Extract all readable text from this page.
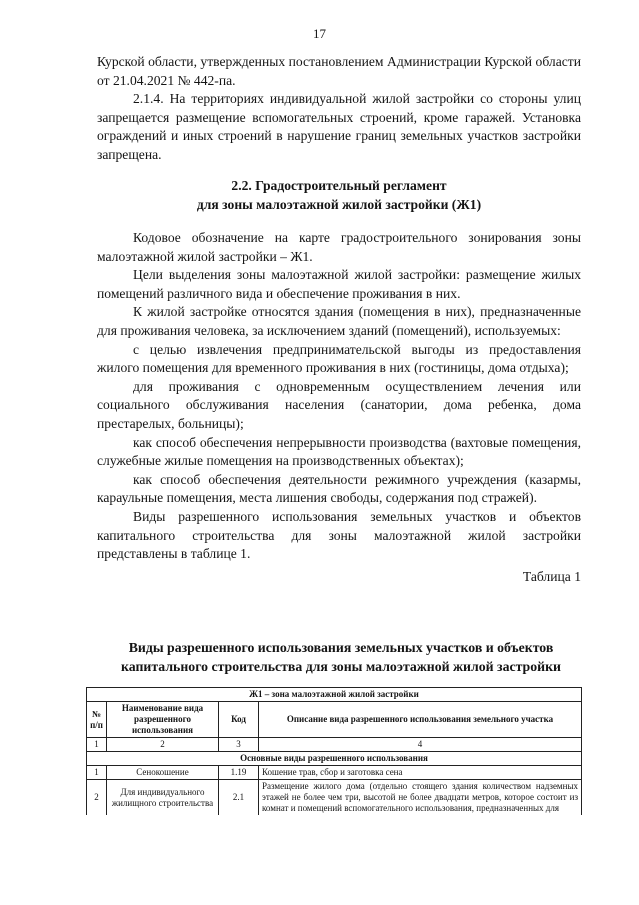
17

Курской области, утвержденных постановлением Администрации Курской области от 21.04.2021 № 442-па.

2.1.4. На территориях индивидуальной жилой застройки со стороны улиц запрещается размещение вспомогательных строений, кроме гаражей. Установка ограждений и иных строений в нарушение границ земельных участков застройки запрещена.

2.2. Градостроительный регламент

для зоны малоэтажной жилой застройки (Ж1)

Кодовое обозначение на карте градостроительного зонирования зоны малоэтажной жилой застройки – Ж1.

Цели выделения зоны малоэтажной жилой застройки: размещение жилых помещений различного вида и обеспечение проживания в них.

К жилой застройке относятся здания (помещения в них), предназначенные для проживания человека, за исключением зданий (помещений), используемых:

с целью извлечения предпринимательской выгоды из предоставления жилого помещения для временного проживания в них (гостиницы, дома отдыха);

для проживания с одновременным осуществлением лечения или социального обслуживания населения (санатории, дома ребенка, дома престарелых, больницы);

как способ обеспечения непрерывности производства (вахтовые помещения, служебные жилые помещения на производственных объектах);

как способ обеспечения деятельности режимного учреждения (казармы, караульные помещения, места лишения свободы, содержания под стражей).

Виды разрешенного использования земельных участков и объектов капитального строительства для зоны малоэтажной жилой застройки представлены в таблице 1.

Таблица 1

Виды разрешенного использования земельных участков и объектов
капитального строительства для зоны малоэтажной жилой застройки
Ж1 – зона малоэтажной жилой застройки			
№ п/п	Наименование вида разрешенного использования	Код	Описание вида разрешенного использования земельного участка
1	2	3	4
Основные виды разрешенного использования			
1	Сенокошение	1.19	Кошение трав, сбор и заготовка сена
2	Для индивидуального жилищного строительства	2.1	Размещение жилого дома (отдельно стоящего здания количеством надземных этажей не более чем три, высотой не более двадцати метров, которое состоит из комнат и помещений вспомогательного использования, предназначенных для
